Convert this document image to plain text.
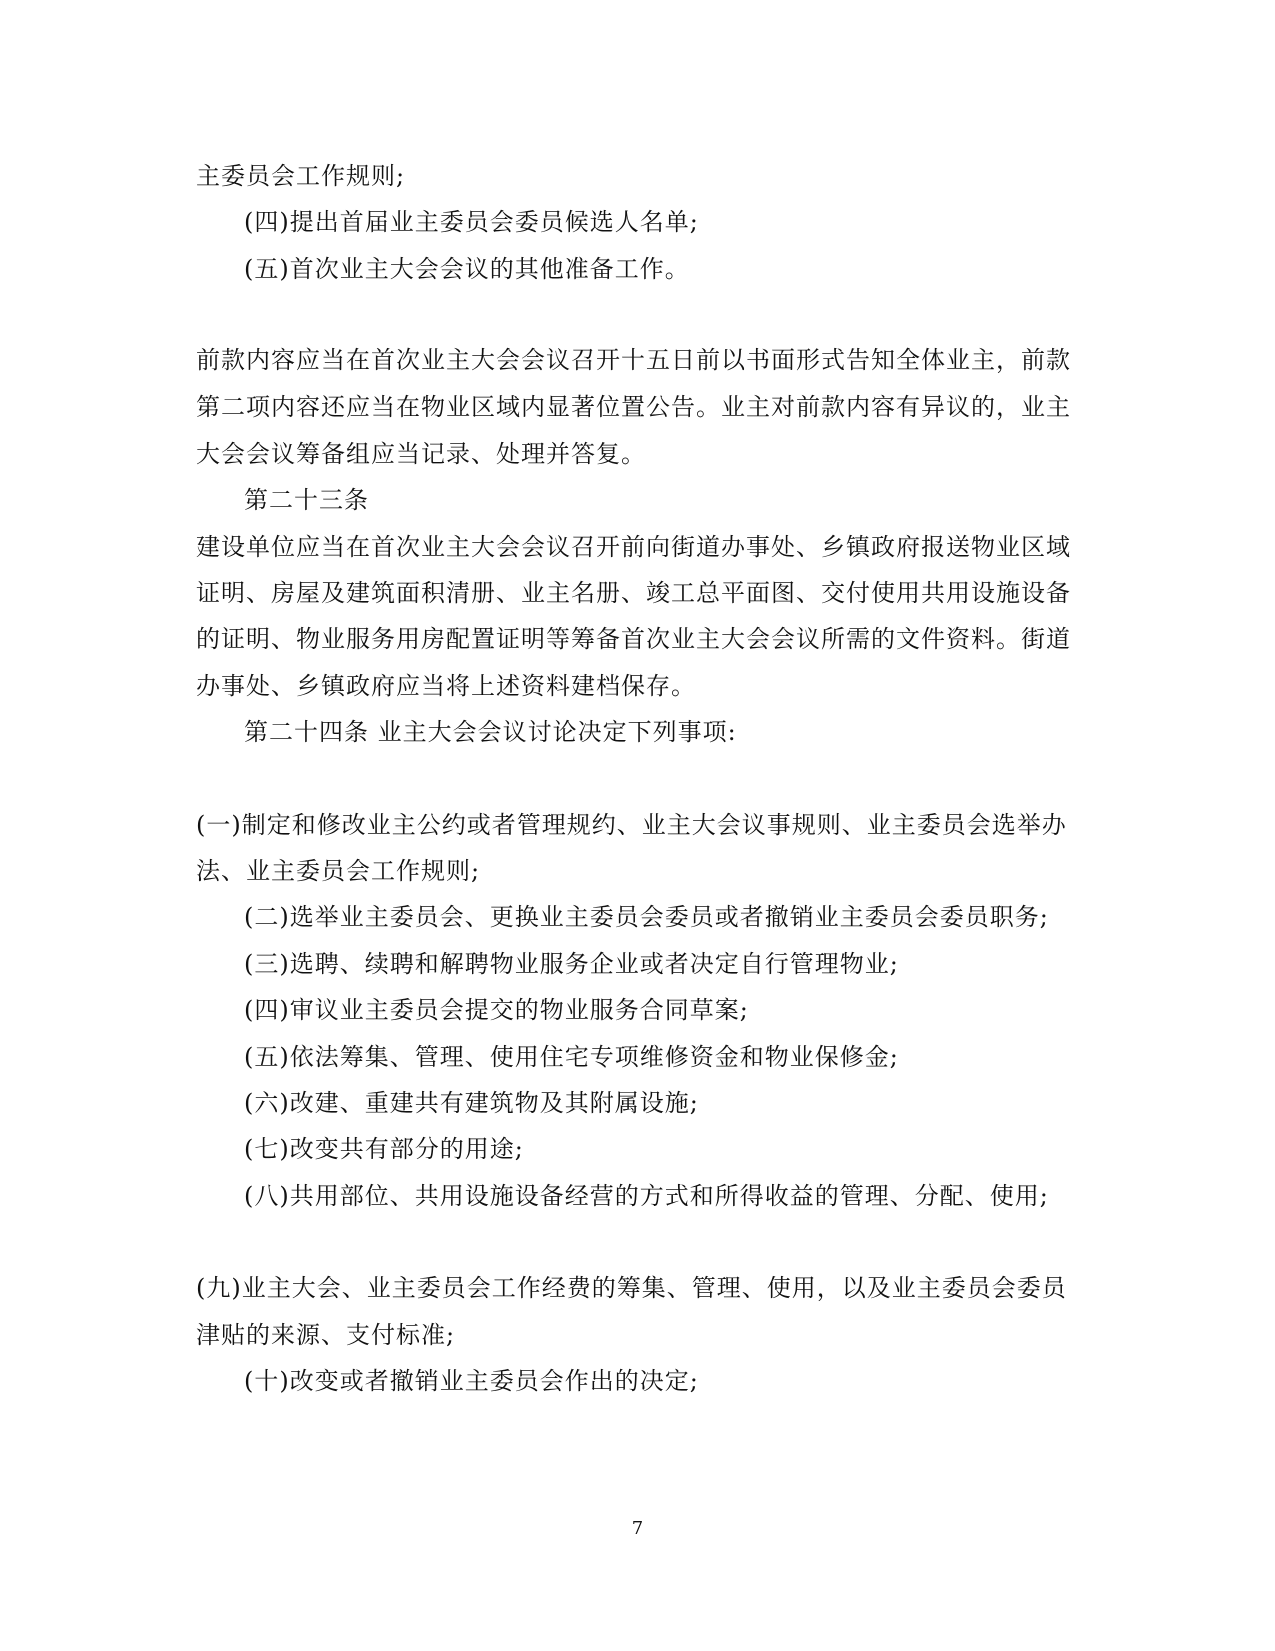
主委员会工作规则;
(四)提出首届业主委员会委员候选人名单;
(五)首次业主大会会议的其他准备工作。
前款内容应当在首次业主大会会议召开十五日前以书面形式告知全体业主，前款
第二项内容还应当在物业区域内显著位置公告。业主对前款内容有异议的，业主
大会会议筹备组应当记录、处理并答复。
第二十三条
建设单位应当在首次业主大会会议召开前向街道办事处、乡镇政府报送物业区域
证明、房屋及建筑面积清册、业主名册、竣工总平面图、交付使用共用设施设备
的证明、物业服务用房配置证明等筹备首次业主大会会议所需的文件资料。街道
办事处、乡镇政府应当将上述资料建档保存。
第二十四条 业主大会会议讨论决定下列事项:
(一)制定和修改业主公约或者管理规约、业主大会议事规则、业主委员会选举办
法、业主委员会工作规则;
(二)选举业主委员会、更换业主委员会委员或者撤销业主委员会委员职务;
(三)选聘、续聘和解聘物业服务企业或者决定自行管理物业;
(四)审议业主委员会提交的物业服务合同草案;
(五)依法筹集、管理、使用住宅专项维修资金和物业保修金;
(六)改建、重建共有建筑物及其附属设施;
(七)改变共有部分的用途;
(八)共用部位、共用设施设备经营的方式和所得收益的管理、分配、使用;
(九)业主大会、业主委员会工作经费的筹集、管理、使用，以及业主委员会委员
津贴的来源、支付标准;
(十)改变或者撤销业主委员会作出的决定;
7
